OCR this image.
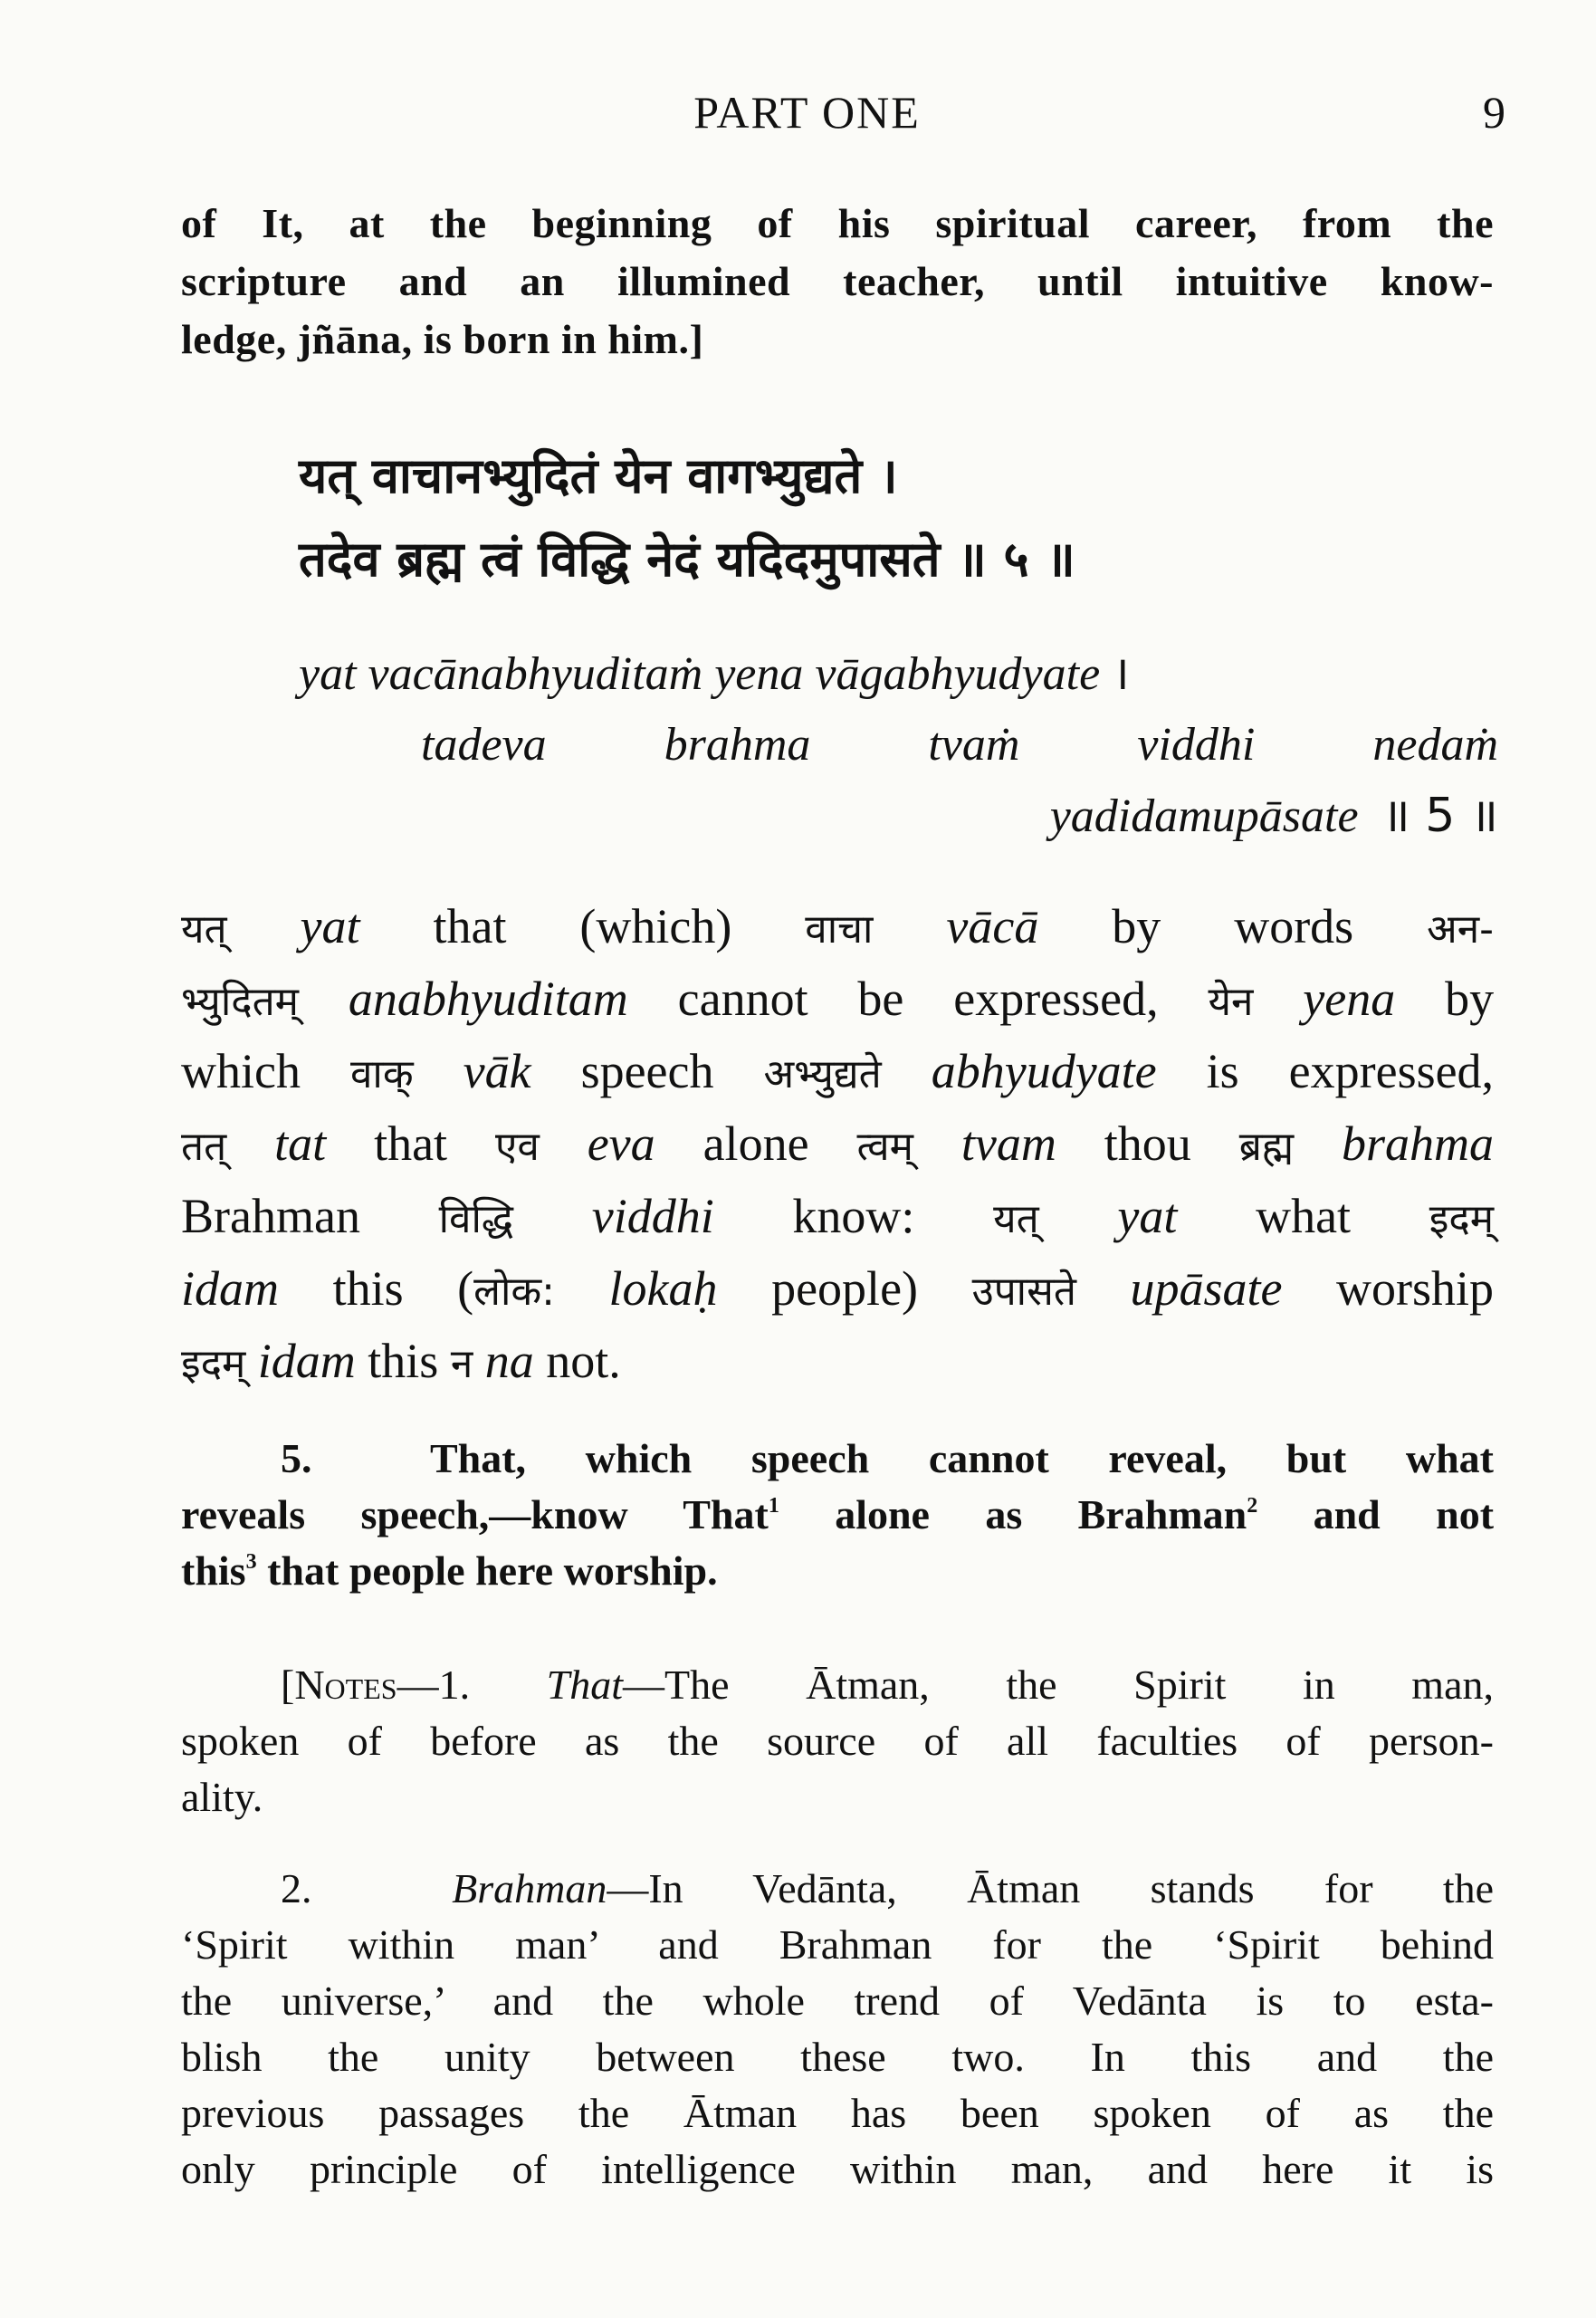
PART ONE	9
of It, at the beginning of his spiritual career, from the
scripture and an illumined teacher, until intuitive know-
ledge, jñāna, is born in him.]
यत् वाचानभ्युदितं येन वागभ्युद्यते ।
तदेव ब्रह्म त्वं विद्धि नेदं यदिदमुपासते ॥ ५ ॥
yat vacānabhyuditaṁ yena vāgabhyudyate ।
tadeva brahma tvaṁ viddhi nedaṁ
yadidamupāsate ॥ 5 ॥
यत् yat that (which) वाचा vācā by words अन-
भ्युदितम् anabhyuditam cannot be expressed, येन yena by
which वाक् vāk speech अभ्युद्यते abhyudyate is expressed,
तत् tat that एव eva alone त्वम् tvam thou ब्रह्म brahma
Brahman विद्धि viddhi know: यत् yat what इदम्
idam this (लोक: lokaḥ people) उपासते upāsate worship
इदम् idam this न na not.
5.	That, which speech cannot reveal, but what
reveals speech,—know That$^1$ alone as Brahman$^2$ and not
this$^3$ that people here worship.
[Notes—1. That—The Ātman, the Spirit in man,
spoken of before as the source of all faculties of person-
ality.
2.	Brahman—In Vedānta, Ātman stands for the
‘Spirit within man’ and Brahman for the ‘Spirit behind
the universe,’ and the whole trend of Vedānta is to esta-
blish the unity between these two. In this and the
previous passages the Ātman has been spoken of as the
only principle of intelligence within man, and here it is
